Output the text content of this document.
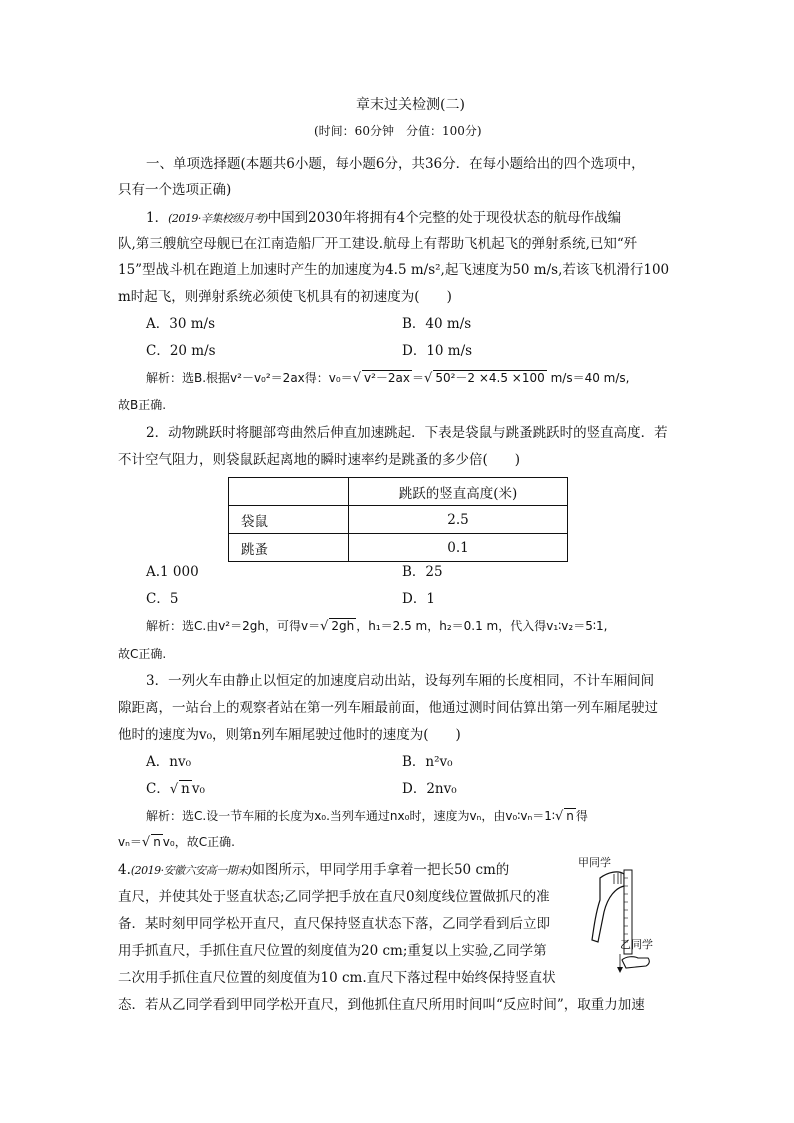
章末过关检测(二)
(时间：60分钟　分值：100分)
一、单项选择题(本题共6小题，每小题6分，共36分．在每小题给出的四个选项中，
只有一个选项正确)
1．(2019·辛集校级月考)中国到2030年将拥有4个完整的处于现役状态的航母作战编
队,第三艘航空母舰已在江南造船厂开工建设.航母上有帮助飞机起飞的弹射系统,已知“歼
15”型战斗机在跑道上加速时产生的加速度为4.5 m/s²,起飞速度为50 m/s,若该飞机滑行100
m时起飞，则弹射系统必须使飞机具有的初速度为(　　)
A．30 m/s	B．40 m/s
C．20 m/s	D．10 m/s
解析：选B.根据v²－v₀²＝2ax得：v₀＝√ v²－2ax ＝√ 50²－2 ×4.5 ×100 m/s＝40 m/s,
故B正确.
2．动物跳跃时将腿部弯曲然后伸直加速跳起．下表是袋鼠与跳蚤跳跃时的竖直高度．若
不计空气阻力，则袋鼠跃起离地的瞬时速率约是跳蚤的多少倍(　　)
	跳跃的竖直高度(米)
袋鼠	2.5
跳蚤	0.1
A.1 000	B．25
C．5	D．1
解析：选C.由v²＝2gh，可得v＝√ 2gh ，h₁＝2.5 m，h₂＝0.1 m，代入得v₁∶v₂＝5∶1,
故C正确.
3．一列火车由静止以恒定的加速度启动出站，设每列车厢的长度相同，不计车厢间间
隙距离，一站台上的观察者站在第一列车厢最前面，他通过测时间估算出第一列车厢尾驶过
他时的速度为v₀，则第n列车厢尾驶过他时的速度为(　　)
A．nv₀	B．n²v₀
C．√ n v₀	D．2nv₀
解析：选C.设一节车厢的长度为x₀.当列车通过nx₀时，速度为vₙ，由v₀∶vₙ＝1∶√ n 得
vₙ＝√ n v₀，故C正确.
4.(2019·安徽六安高一期末)如图所示，甲同学用手拿着一把长50 cm的
直尺，并使其处于竖直状态;乙同学把手放在直尺0刻度线位置做抓尺的准
备．某时刻甲同学松开直尺，直尺保持竖直状态下落，乙同学看到后立即
用手抓直尺，手抓住直尺位置的刻度值为20 cm;重复以上实验,乙同学第
二次用手抓住直尺位置的刻度值为10 cm.直尺下落过程中始终保持竖直状
态．若从乙同学看到甲同学松开直尺，到他抓住直尺所用时间叫“反应时间”，取重力加速
甲同学
乙同学
